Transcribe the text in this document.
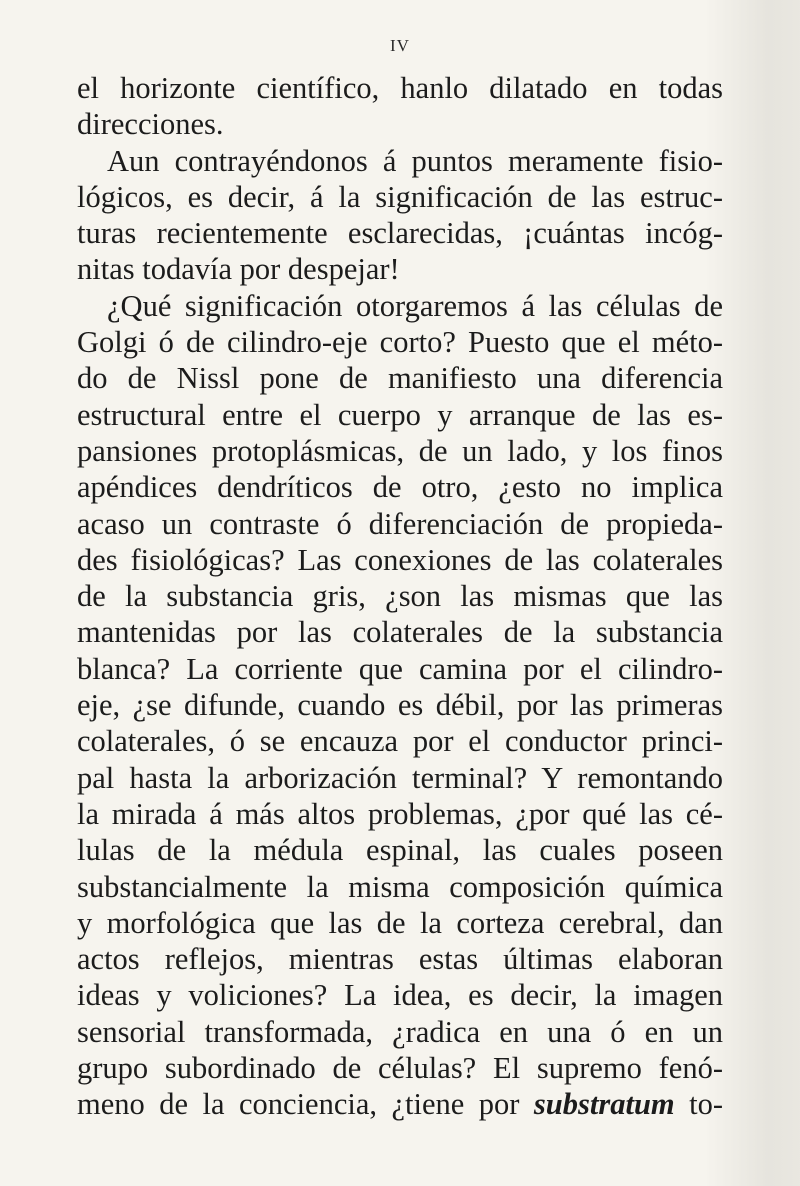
IV
el horizonte científico, hanlo dilatado en todas
direcciones.
Aun contrayéndonos á puntos meramente fisio-
lógicos, es decir, á la significación de las estruc-
turas recientemente esclarecidas, ¡cuántas incóg-
nitas todavía por despejar!
¿Qué significación otorgaremos á las células de
Golgi ó de cilindro-eje corto? Puesto que el méto-
do de Nissl pone de manifiesto una diferencia
estructural entre el cuerpo y arranque de las es-
pansiones protoplásmicas, de un lado, y los finos
apéndices dendríticos de otro, ¿esto no implica
acaso un contraste ó diferenciación de propieda-
des fisiológicas? Las conexiones de las colaterales
de la substancia gris, ¿son las mismas que las
mantenidas por las colaterales de la substancia
blanca? La corriente que camina por el cilindro-
eje, ¿se difunde, cuando es débil, por las primeras
colaterales, ó se encauza por el conductor princi-
pal hasta la arborización terminal? Y remontando
la mirada á más altos problemas, ¿por qué las cé-
lulas de la médula espinal, las cuales poseen
substancialmente la misma composición química
y morfológica que las de la corteza cerebral, dan
actos reflejos, mientras estas últimas elaboran
ideas y voliciones? La idea, es decir, la imagen
sensorial transformada, ¿radica en una ó en un
grupo subordinado de células? El supremo fenó-
meno de la conciencia, ¿tiene por substratum to-
